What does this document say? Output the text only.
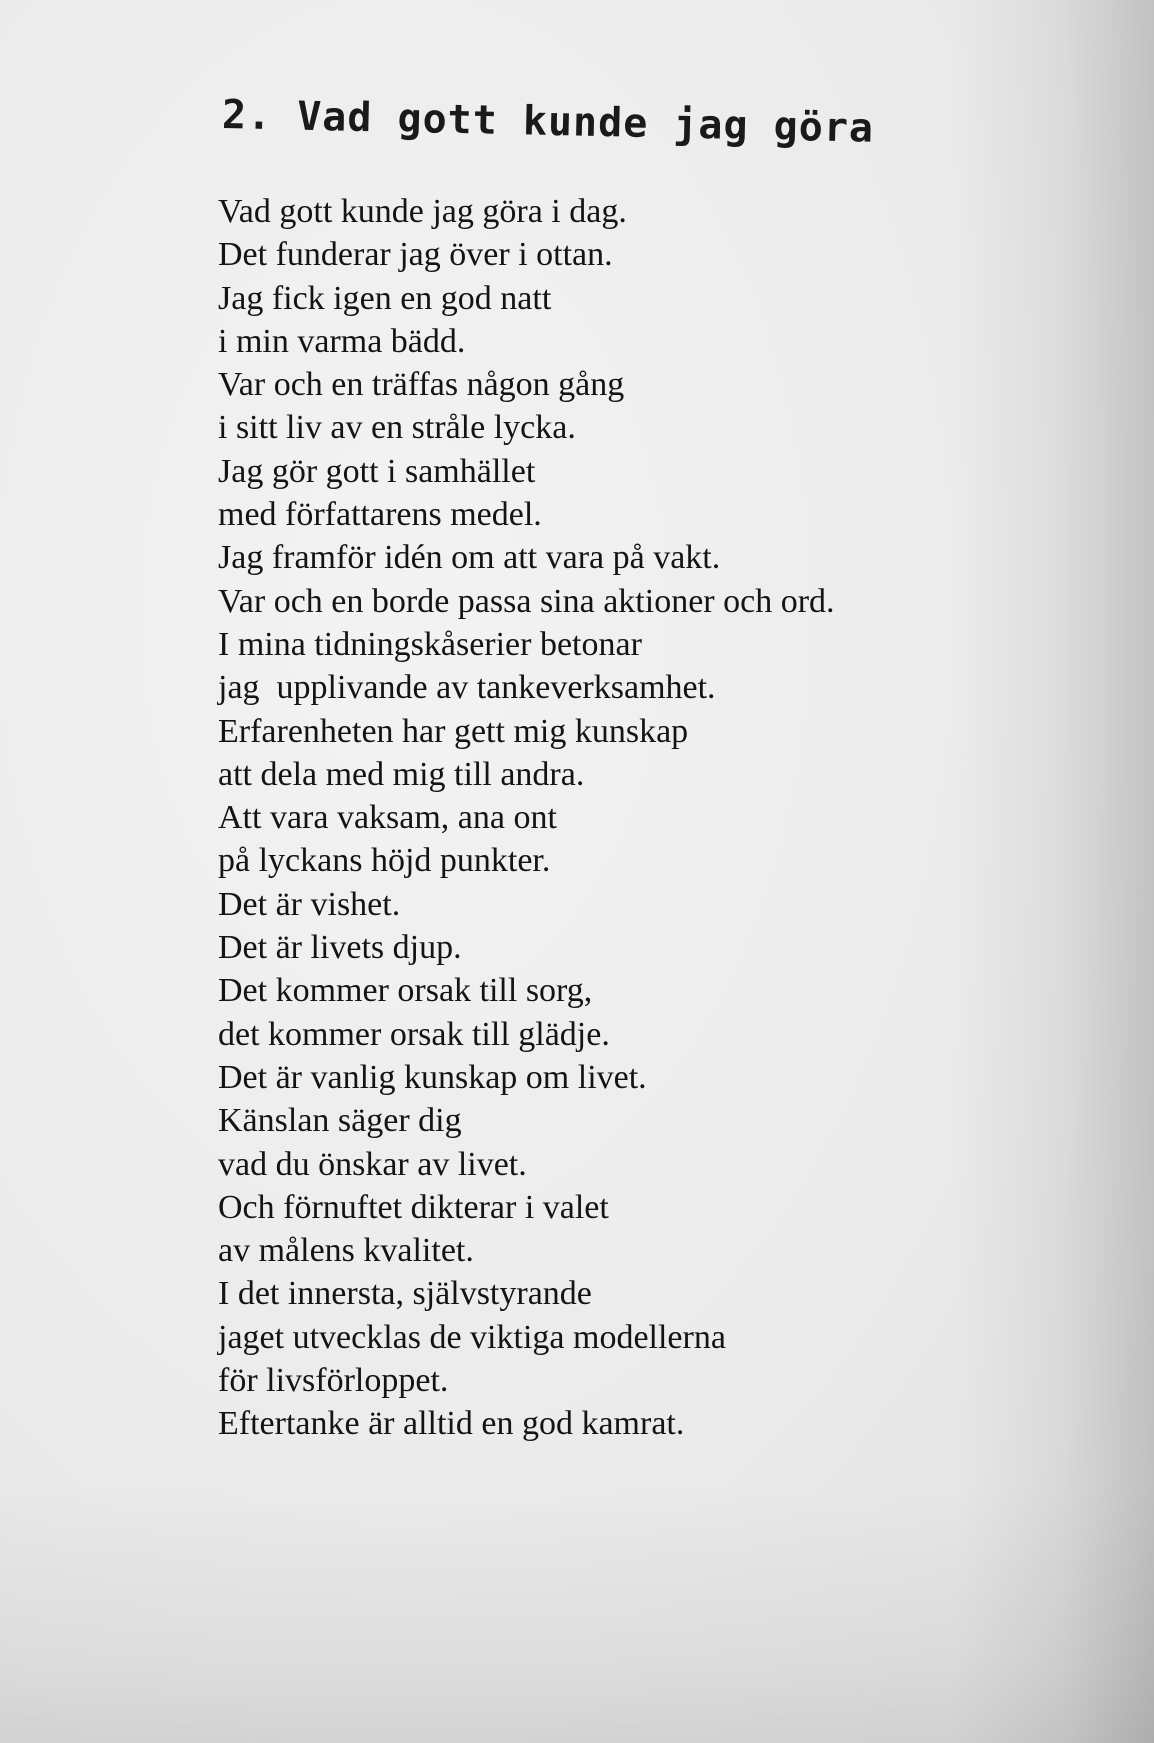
2. Vad gott kunde jag göra
Vad gott kunde jag göra i dag.
Det funderar jag över i ottan.
Jag fick igen en god natt
i min varma bädd.
Var och en träffas någon gång
i sitt liv av en stråle lycka.
Jag gör gott i samhället
med författarens medel.
Jag framför idén om att vara på vakt.
Var och en borde passa sina aktioner och ord.
I mina tidningskåserier betonar
jag  upplivande av tankeverksamhet.
Erfarenheten har gett mig kunskap
att dela med mig till andra.
Att vara vaksam, ana ont
på lyckans höjd punkter.
Det är vishet.
Det är livets djup.
Det kommer orsak till sorg,
det kommer orsak till glädje.
Det är vanlig kunskap om livet.
Känslan säger dig
vad du önskar av livet.
Och förnuftet dikterar i valet
av målens kvalitet.
I det innersta, självstyrande
jaget utvecklas de viktiga modellerna
för livsförloppet.
Eftertanke är alltid en god kamrat.
